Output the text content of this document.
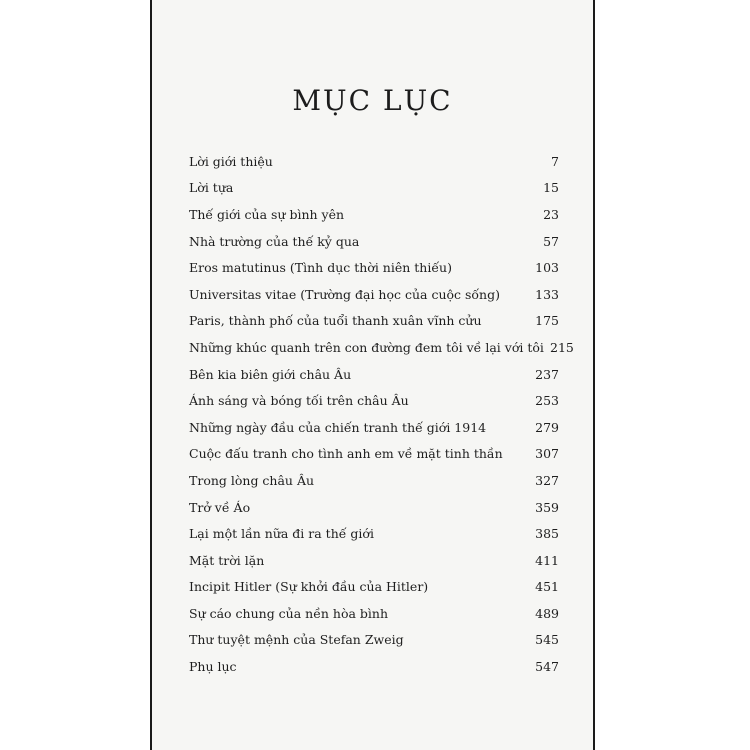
MỤC LỤC
Lời giới thiệu	7
Lời tựa	15
Thế giới của sự bình yên	23
Nhà trường của thế kỷ qua	57
Eros matutinus (Tình dục thời niên thiếu)	103
Universitas vitae (Trường đại học của cuộc sống)	133
Paris, thành phố của tuổi thanh xuân vĩnh cửu	175
Những khúc quanh trên con đường đem tôi về lại với tôi 215
Bên kia biên giới châu Âu	237
Ánh sáng và bóng tối trên châu Âu	253
Những ngày đầu của chiến tranh thế giới 1914	279
Cuộc đấu tranh cho tình anh em về mặt tinh thần	307
Trong lòng châu Âu	327
Trở về Áo	359
Lại một lần nữa đi ra thế giới	385
Mặt trời lặn	411
Incipit Hitler (Sự khởi đầu của Hitler)	451
Sự cáo chung của nền hòa bình	489
Thư tuyệt mệnh của Stefan Zweig	545
Phụ lục	547
